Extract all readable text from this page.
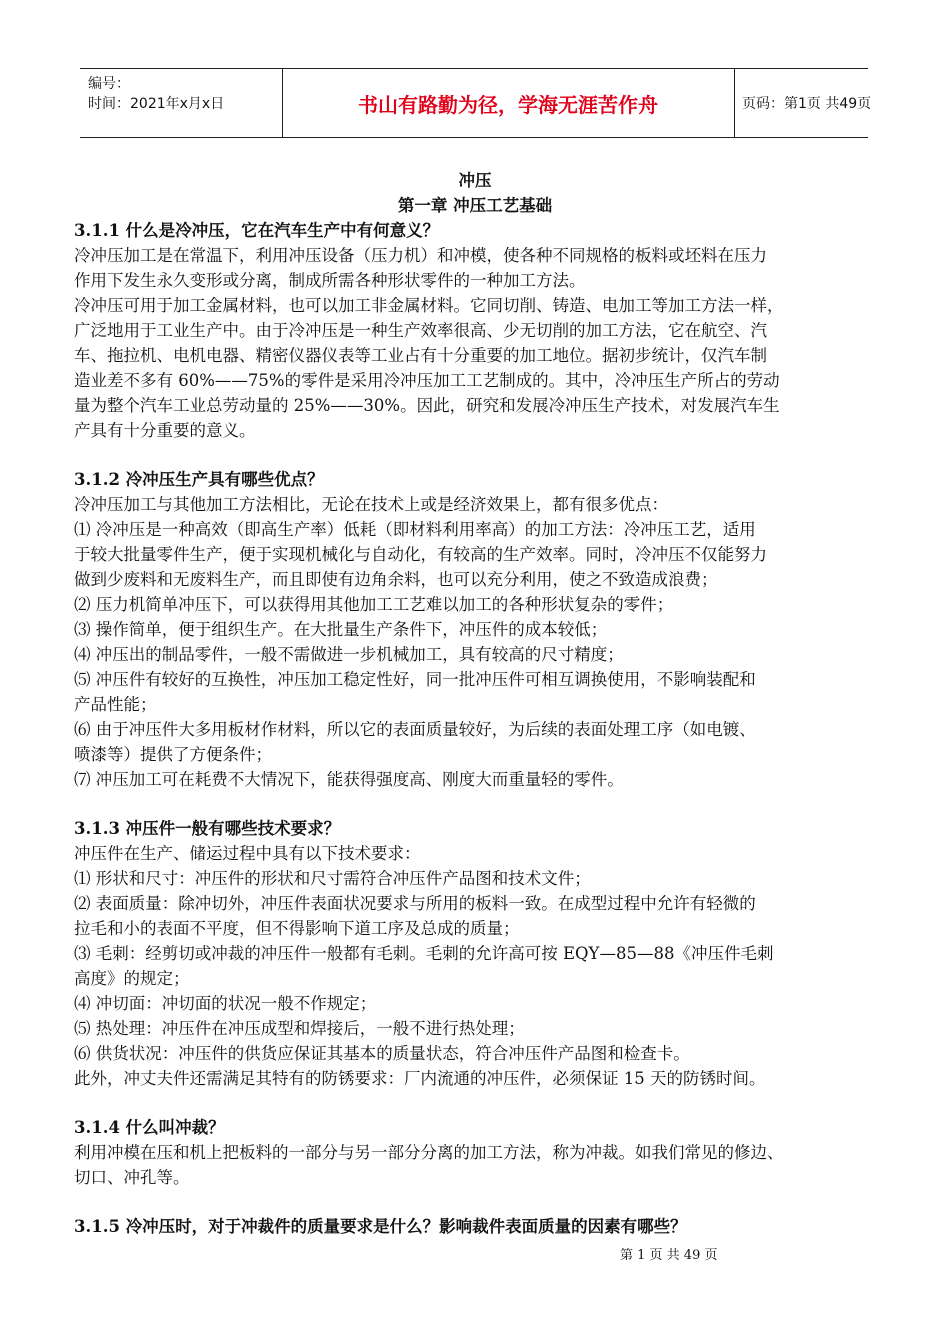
编号：
时间：2021年x月x日	书山有路勤为径，学海无涯苦作舟	页码：第1页 共49页
冲压
第一章 冲压工艺基础
3.1.1 什么是冷冲压，它在汽车生产中有何意义？
冷冲压加工是在常温下，利用冲压设备（压力机）和冲模，使各种不同规格的板料或坯料在压力
作用下发生永久变形或分离，制成所需各种形状零件的一种加工方法。
冷冲压可用于加工金属材料，也可以加工非金属材料。它同切削、铸造、电加工等加工方法一样，
广泛地用于工业生产中。由于冷冲压是一种生产效率很高、少无切削的加工方法，它在航空、汽
车、拖拉机、电机电器、精密仪器仪表等工业占有十分重要的加工地位。据初步统计，仅汽车制
造业差不多有 60%——75%的零件是采用冷冲压加工工艺制成的。其中，冷冲压生产所占的劳动
量为整个汽车工业总劳动量的 25%——30%。因此，研究和发展冷冲压生产技术，对发展汽车生
产具有十分重要的意义。
3.1.2 冷冲压生产具有哪些优点？
冷冲压加工与其他加工方法相比，无论在技术上或是经济效果上，都有很多优点：
⑴ 冷冲压是一种高效（即高生产率）低耗（即材料利用率高）的加工方法：冷冲压工艺，适用
于较大批量零件生产，便于实现机械化与自动化，有较高的生产效率。同时，冷冲压不仅能努力
做到少废料和无废料生产，而且即使有边角余料，也可以充分利用，使之不致造成浪费；
⑵ 压力机简单冲压下，可以获得用其他加工工艺难以加工的各种形状复杂的零件；
⑶ 操作简单，便于组织生产。在大批量生产条件下，冲压件的成本较低；
⑷ 冲压出的制品零件，一般不需做进一步机械加工，具有较高的尺寸精度；
⑸ 冲压件有较好的互换性，冲压加工稳定性好，同一批冲压件可相互调换使用，不影响装配和
产品性能；
⑹ 由于冲压件大多用板材作材料，所以它的表面质量较好，为后续的表面处理工序（如电镀、
喷漆等）提供了方便条件；
⑺ 冲压加工可在耗费不大情况下，能获得强度高、刚度大而重量轻的零件。
3.1.3 冲压件一般有哪些技术要求？
冲压件在生产、储运过程中具有以下技术要求：
⑴ 形状和尺寸：冲压件的形状和尺寸需符合冲压件产品图和技术文件；
⑵ 表面质量：除冲切外，冲压件表面状况要求与所用的板料一致。在成型过程中允许有轻微的
拉毛和小的表面不平度，但不得影响下道工序及总成的质量；
⑶ 毛刺：经剪切或冲裁的冲压件一般都有毛刺。毛刺的允许高可按 EQY—85—88《冲压件毛刺
高度》的规定；
⑷ 冲切面：冲切面的状况一般不作规定；
⑸ 热处理：冲压件在冲压成型和焊接后，一般不进行热处理；
⑹ 供货状况：冲压件的供货应保证其基本的质量状态，符合冲压件产品图和检查卡。
此外，冲丈夫件还需满足其特有的防锈要求：厂内流通的冲压件，必须保证 15 天的防锈时间。
3.1.4 什么叫冲裁？
利用冲模在压和机上把板料的一部分与另一部分分离的加工方法，称为冲裁。如我们常见的修边、
切口、冲孔等。
3.1.5 冷冲压时，对于冲裁件的质量要求是什么？影响裁件表面质量的因素有哪些？
第 1 页 共 49 页
